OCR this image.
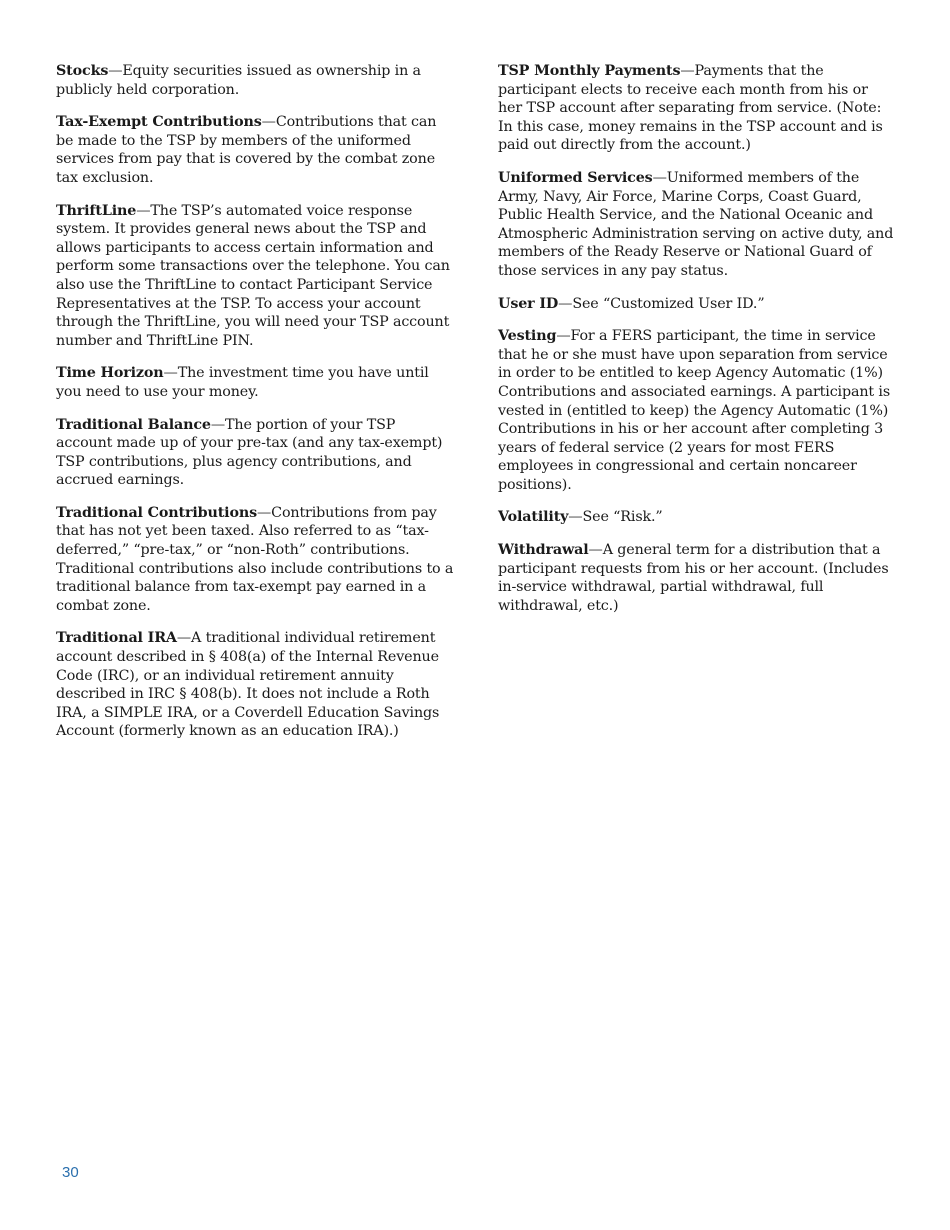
Stocks—Equity securities issued as ownership in a publicly held corporation.

Tax-Exempt Contributions—Contributions that can be made to the TSP by members of the uniformed services from pay that is covered by the combat zone tax exclusion.

ThriftLine—The TSP’s automated voice response system. It provides general news about the TSP and allows participants to access certain information and perform some transactions over the telephone. You can also use the ThriftLine to contact Participant Service Representatives at the TSP. To access your account through the ThriftLine, you will need your TSP account number and ThriftLine PIN.

Time Horizon—The investment time you have until you need to use your money.

Traditional Balance—The portion of your TSP account made up of your pre-tax (and any tax-exempt) TSP contributions, plus agency contributions, and accrued earnings.

Traditional Contributions—Contributions from pay that has not yet been taxed. Also referred to as “tax-deferred,” “pre-tax,” or “non-Roth” contributions. Traditional contributions also include contributions to a traditional balance from tax-exempt pay earned in a combat zone.

Traditional IRA—A traditional individual retirement account described in § 408(a) of the Internal Revenue Code (IRC), or an individual retirement annuity described in IRC § 408(b). It does not include a Roth IRA, a SIMPLE IRA, or a Coverdell Education Savings Account (formerly known as an education IRA).)

TSP Monthly Payments—Payments that the participant elects to receive each month from his or her TSP account after separating from service. (Note: In this case, money remains in the TSP account and is paid out directly from the account.)

Uniformed Services—Uniformed members of the Army, Navy, Air Force, Marine Corps, Coast Guard, Public Health Service, and the National Oceanic and Atmospheric Administration serving on active duty, and members of the Ready Reserve or National Guard of those services in any pay status.

User ID—See “Customized User ID.”

Vesting—For a FERS participant, the time in service that he or she must have upon separation from service in order to be entitled to keep Agency Automatic (1%) Contributions and associated earnings. A participant is vested in (entitled to keep) the Agency Automatic (1%) Contributions in his or her account after completing 3 years of federal service (2 years for most FERS employees in congressional and certain noncareer positions).

Volatility—See “Risk.”

Withdrawal—A general term for a distribution that a participant requests from his or her account. (Includes in-service withdrawal, partial withdrawal, full withdrawal, etc.)

30
